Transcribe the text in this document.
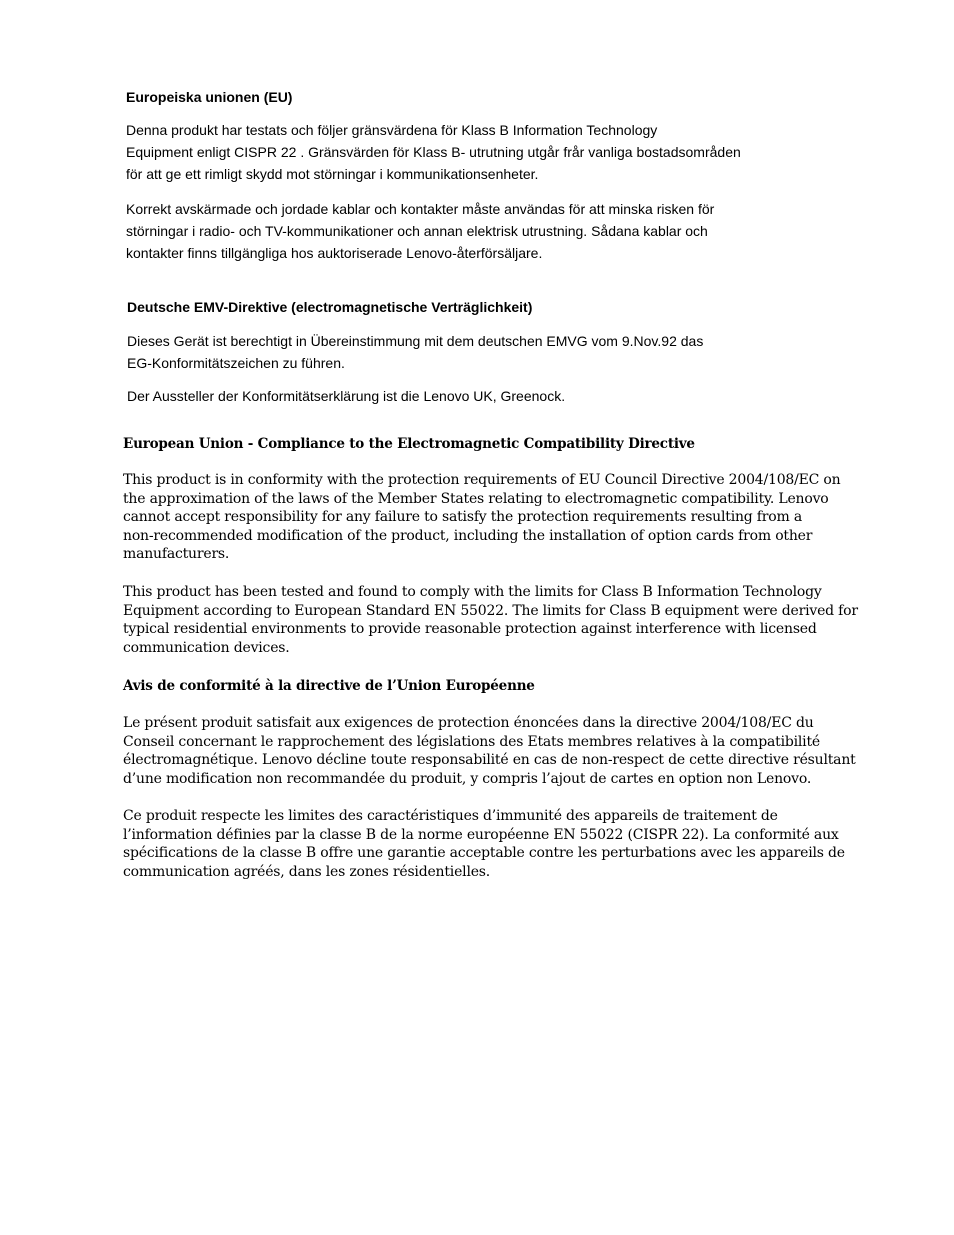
Europeiska unionen (EU)
Denna produkt har testats och följer gränsvärdena för Klass B Information Technology
Equipment enligt CISPR 22 . Gränsvärden för Klass B- utrutning utgår frår vanliga bostadsområden
för att ge ett rimligt skydd mot störningar i kommunikationsenheter.
Korrekt avskärmade och jordade kablar och kontakter måste användas för att minska risken för
störningar i radio- och TV-kommunikationer och annan elektrisk utrustning. Sådana kablar och
kontakter finns tillgängliga hos auktoriserade Lenovo-återförsäljare.
Deutsche EMV-Direktive (electromagnetische Verträglichkeit)
Dieses Gerät ist berechtigt in Übereinstimmung mit dem deutschen EMVG vom 9.Nov.92 das
EG-Konformitätszeichen zu führen.
Der Aussteller der Konformitätserklärung ist die Lenovo UK, Greenock.
European Union - Compliance to the Electromagnetic Compatibility Directive
This product is in conformity with the protection requirements of EU Council Directive 2004/108/EC on
the approximation of the laws of the Member States relating to electromagnetic compatibility. Lenovo
cannot accept responsibility for any failure to satisfy the protection requirements resulting from a
non-recommended modification of the product, including the installation of option cards from other
manufacturers.
This product has been tested and found to comply with the limits for Class B Information Technology
Equipment according to European Standard EN 55022. The limits for Class B equipment were derived for
typical residential environments to provide reasonable protection against interference with licensed
communication devices.
Avis de conformité à la directive de l’Union Européenne
Le présent produit satisfait aux exigences de protection énoncées dans la directive 2004/108/EC du
Conseil concernant le rapprochement des législations des Etats membres relatives à la compatibilité
électromagnétique. Lenovo décline toute responsabilité en cas de non-respect de cette directive résultant
d’une modification non recommandée du produit, y compris l’ajout de cartes en option non Lenovo.
Ce produit respecte les limites des caractéristiques d’immunité des appareils de traitement de
l’information définies par la classe B de la norme européenne EN 55022 (CISPR 22). La conformité aux
spécifications de la classe B offre une garantie acceptable contre les perturbations avec les appareils de
communication agréés, dans les zones résidentielles.
